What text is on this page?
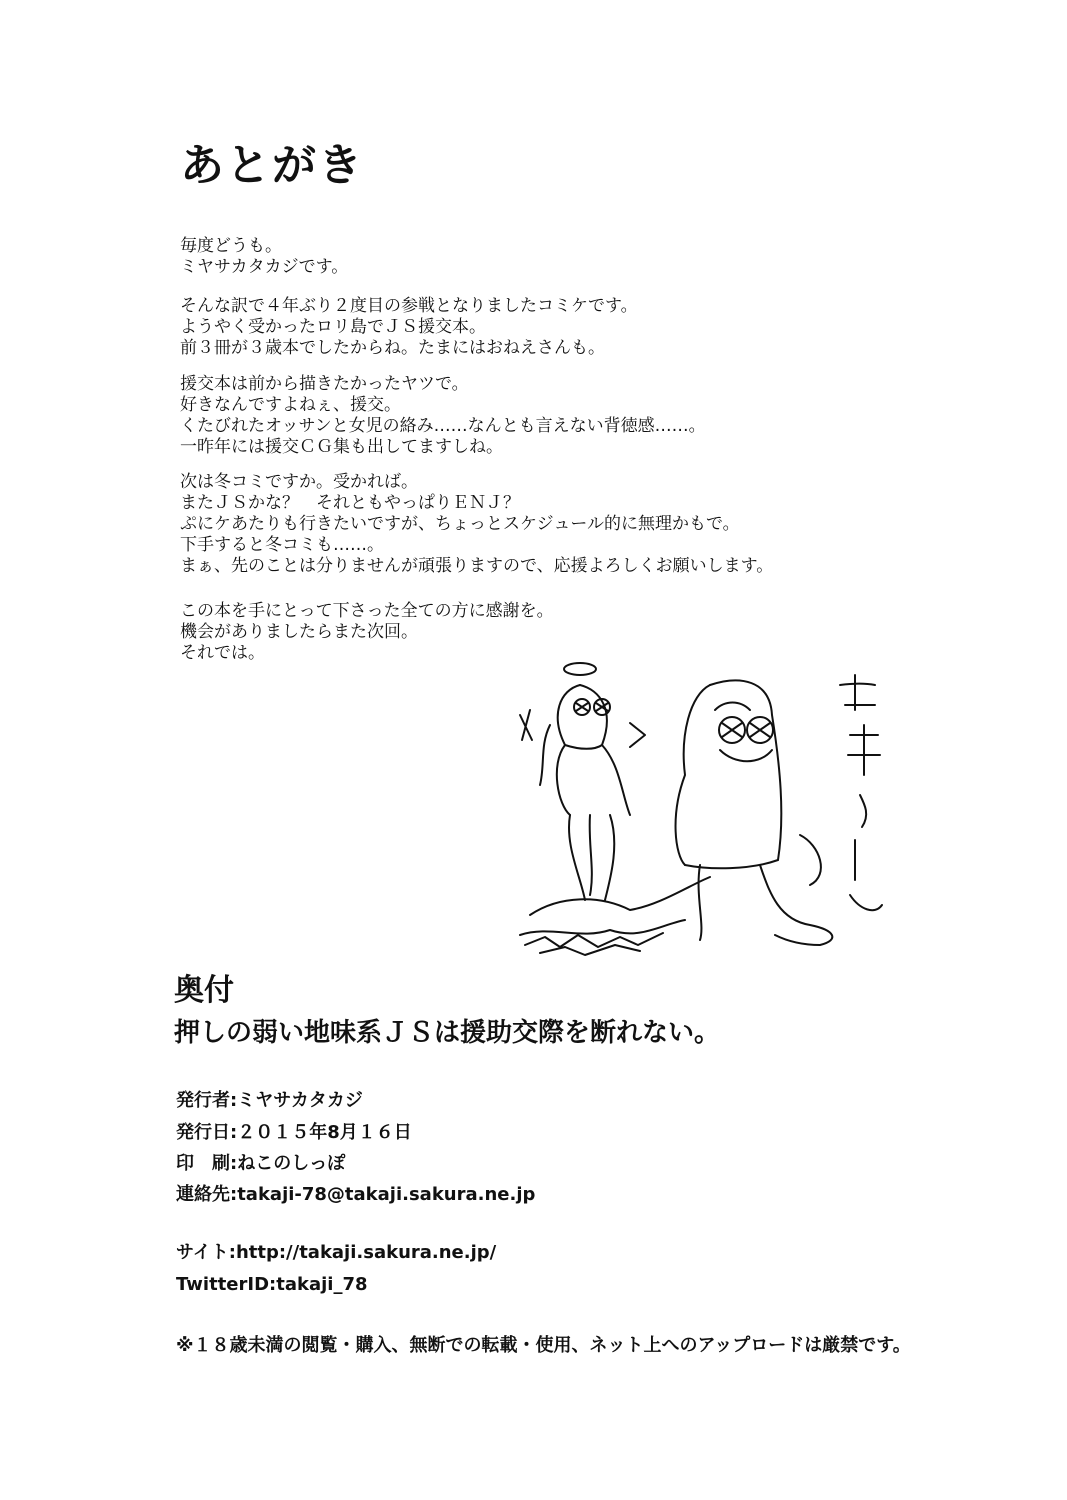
あとがき
毎度どうも。
ミヤサカタカジです。
そんな訳で４年ぶり２度目の参戦となりましたコミケです。
ようやく受かったロリ島でＪＳ援交本。
前３冊が３歳本でしたからね。たまにはおねえさんも。
援交本は前から描きたかったヤツで。
好きなんですよねぇ、援交。
くたびれたオッサンと女児の絡み……なんとも言えない背徳感……。
一昨年には援交ＣＧ集も出してますしね。
次は冬コミですか。受かれば。
またＪＳかな？　それともやっぱりＥＮＪ？
ぷにケあたりも行きたいですが、ちょっとスケジュール的に無理かもで。
下手すると冬コミも……。
まぁ、先のことは分りませんが頑張りますので、応援よろしくお願いします。
この本を手にとって下さった全ての方に感謝を。
機会がありましたらまた次回。
それでは。
奥付
押しの弱い地味系ＪＳは援助交際を断れない。
発行者:ミヤサカタカジ
発行日:２０１５年8月１６日
印　刷:ねこのしっぽ
連絡先:takaji-78@takaji.sakura.ne.jp
サイト:http://takaji.sakura.ne.jp/
TwitterID:takaji_78
※１８歳未満の閲覧・購入、無断での転載・使用、ネット上へのアップロードは厳禁です。
